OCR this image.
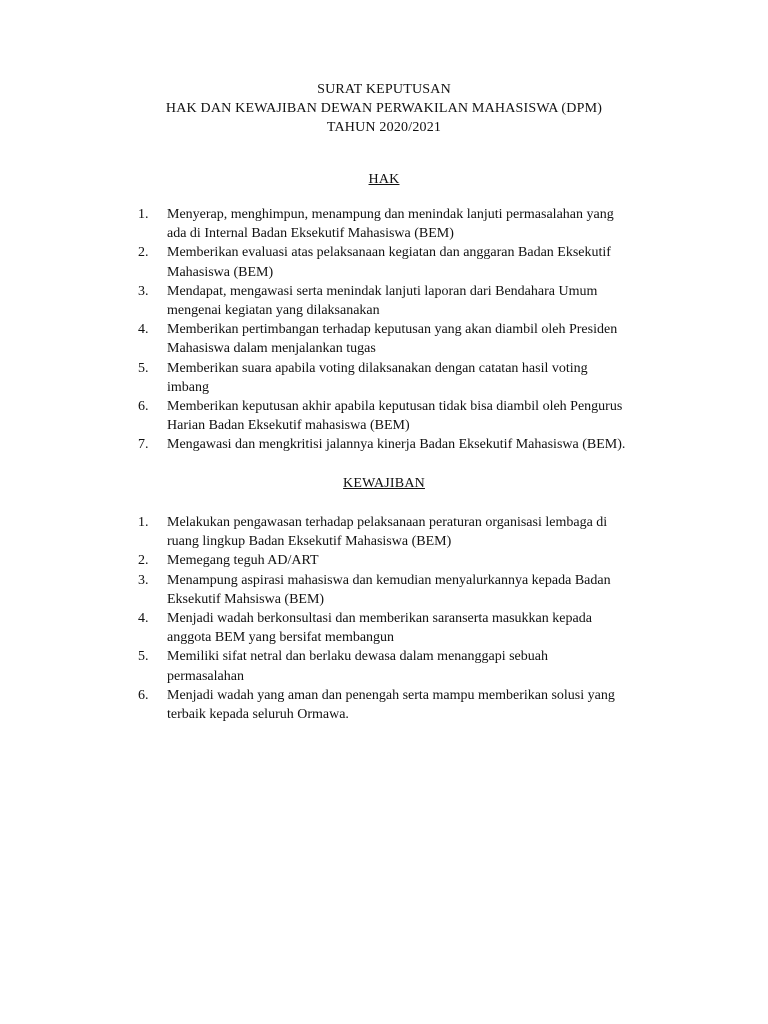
SURAT KEPUTUSAN
HAK DAN KEWAJIBAN DEWAN PERWAKILAN MAHASISWA (DPM)
TAHUN 2020/2021
HAK
1. Menyerap, menghimpun, menampung dan menindak lanjuti permasalahan yang
ada di Internal Badan Eksekutif Mahasiswa (BEM)
2. Memberikan evaluasi atas pelaksanaan kegiatan dan anggaran Badan Eksekutif
Mahasiswa (BEM)
3. Mendapat, mengawasi serta menindak lanjuti laporan dari Bendahara Umum
mengenai kegiatan yang dilaksanakan
4. Memberikan pertimbangan terhadap keputusan yang akan diambil oleh Presiden
Mahasiswa dalam menjalankan tugas
5. Memberikan suara apabila voting dilaksanakan dengan catatan hasil voting
imbang
6. Memberikan keputusan akhir apabila keputusan tidak bisa diambil oleh Pengurus
Harian Badan Eksekutif mahasiswa (BEM)
7. Mengawasi dan mengkritisi jalannya kinerja Badan Eksekutif Mahasiswa (BEM).
KEWAJIBAN
1. Melakukan pengawasan terhadap pelaksanaan peraturan organisasi lembaga di
ruang lingkup Badan Eksekutif Mahasiswa (BEM)
2. Memegang teguh AD/ART
3. Menampung aspirasi mahasiswa dan kemudian menyalurkannya kepada Badan
Eksekutif Mahsiswa (BEM)
4. Menjadi wadah berkonsultasi dan memberikan saranserta masukkan kepada
anggota BEM yang bersifat membangun
5. Memiliki sifat netral dan berlaku dewasa dalam menanggapi sebuah
permasalahan
6. Menjadi wadah yang aman dan penengah serta mampu memberikan solusi yang
terbaik kepada seluruh Ormawa.
